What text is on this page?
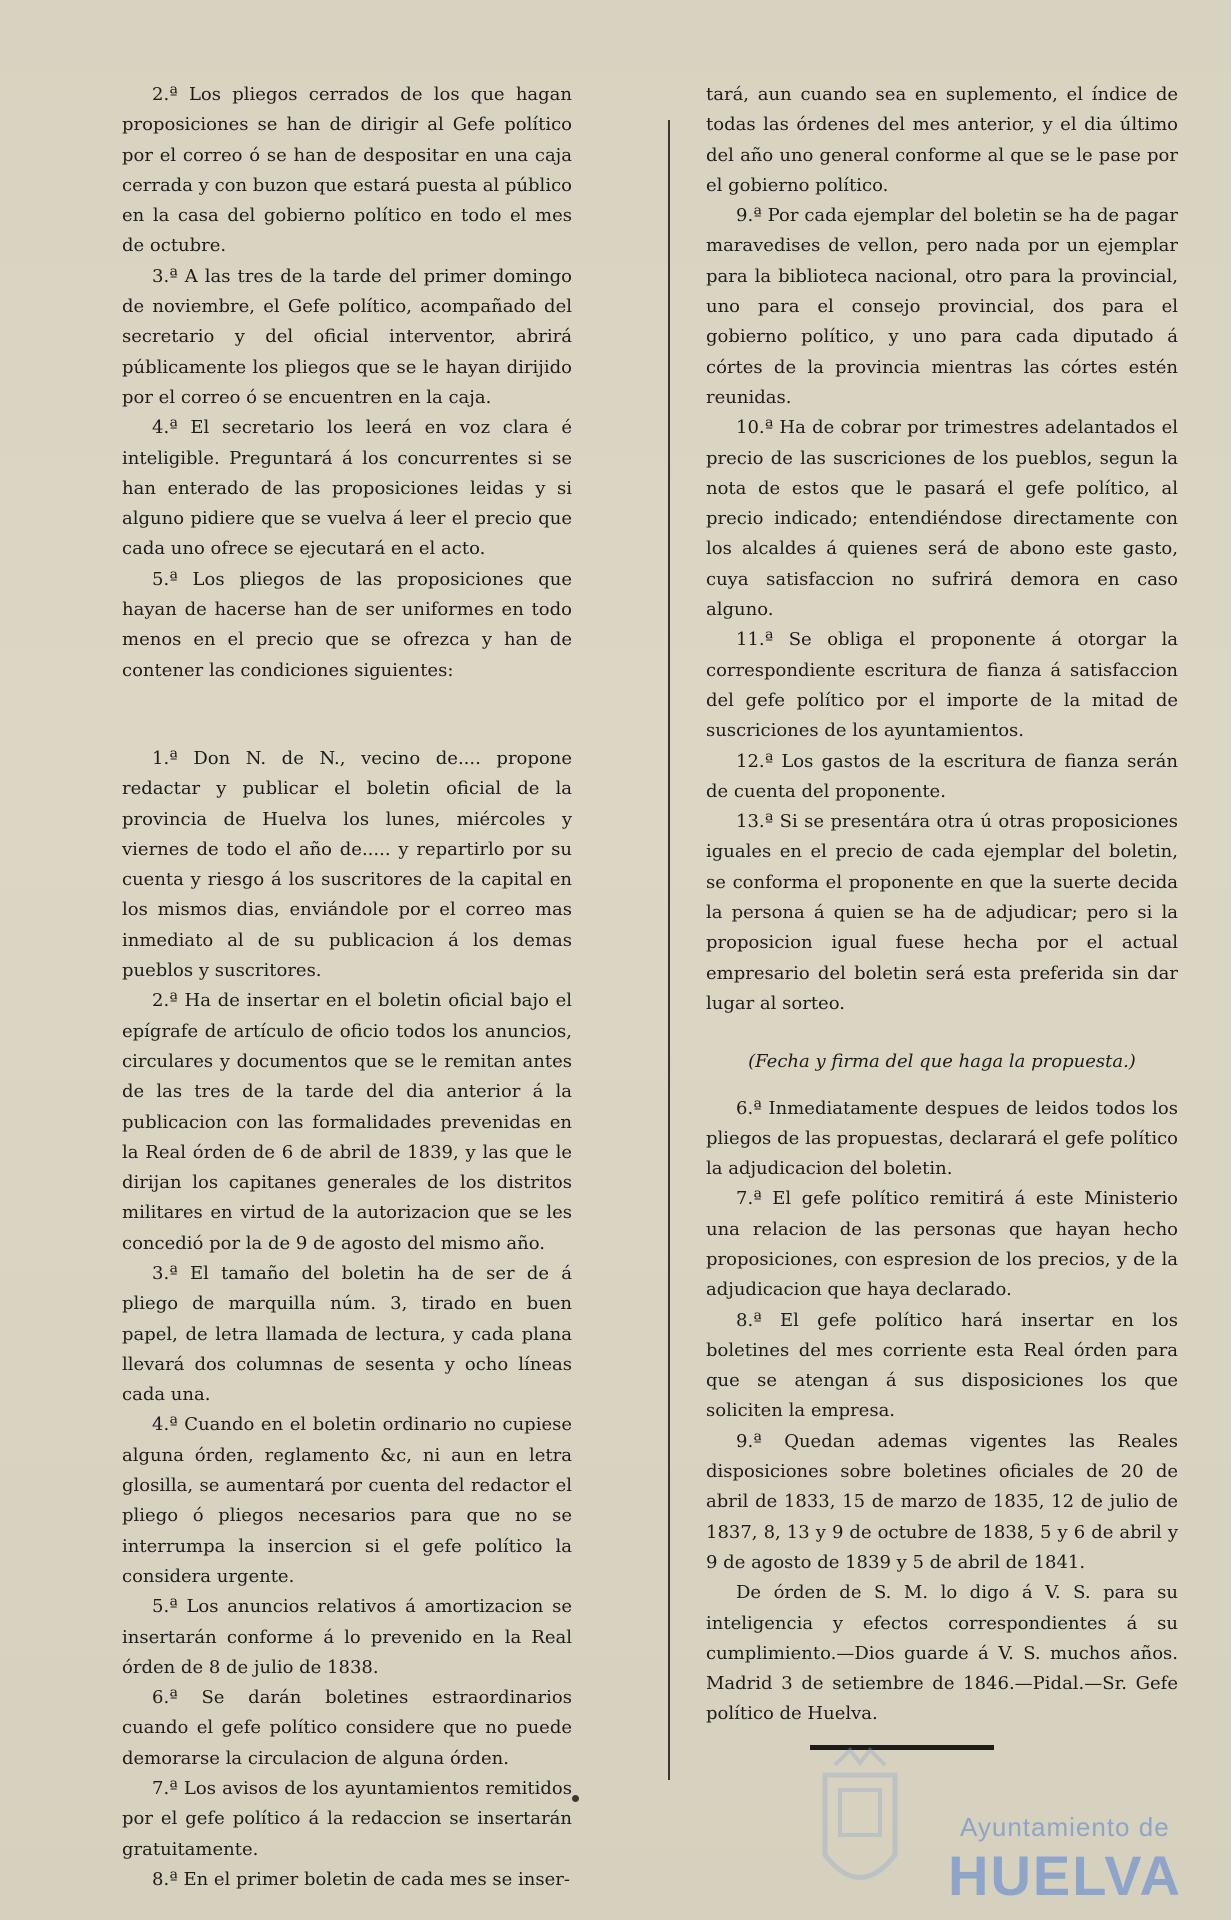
2.ª Los pliegos cerrados de los que hagan proposiciones se han de dirigir al Gefe político por el correo ó se han de despositar en una caja cerrada y con buzon que estará puesta al público en la casa del gobierno político en todo el mes de octubre.

3.ª A las tres de la tarde del primer domingo de noviembre, el Gefe político, acompañado del secretario y del oficial interventor, abrirá públicamente los pliegos que se le hayan dirijido por el correo ó se encuentren en la caja.

4.ª El secretario los leerá en voz clara é inteligible. Preguntará á los concurrentes si se han enterado de las proposiciones leidas y si alguno pidiere que se vuelva á leer el precio que cada uno ofrece se ejecutará en el acto.

5.ª Los pliegos de las proposiciones que hayan de hacerse han de ser uniformes en todo menos en el precio que se ofrezca y han de contener las condiciones siguientes:

1.ª Don N. de N., vecino de.... propone redactar y publicar el boletin oficial de la provincia de Huelva los lunes, miércoles y viernes de todo el año de..... y repartirlo por su cuenta y riesgo á los suscritores de la capital en los mismos dias, enviándole por el correo mas inmediato al de su publicacion á los demas pueblos y suscritores.

2.ª Ha de insertar en el boletin oficial bajo el epígrafe de artículo de oficio todos los anuncios, circulares y documentos que se le remitan antes de las tres de la tarde del dia anterior á la publicacion con las formalidades prevenidas en la Real órden de 6 de abril de 1839, y las que le dirijan los capitanes generales de los distritos militares en virtud de la autorizacion que se les concedió por la de 9 de agosto del mismo año.

3.ª El tamaño del boletin ha de ser de á pliego de marquilla núm. 3, tirado en buen papel, de letra llamada de lectura, y cada plana llevará dos columnas de sesenta y ocho líneas cada una.

4.ª Cuando en el boletin ordinario no cupiese alguna órden, reglamento &c, ni aun en letra glosilla, se aumentará por cuenta del redactor el pliego ó pliegos necesarios para que no se interrumpa la insercion si el gefe político la considera urgente.

5.ª Los anuncios relativos á amortizacion se insertarán conforme á lo prevenido en la Real órden de 8 de julio de 1838.

6.ª Se darán boletines estraordinarios cuando el gefe político considere que no puede demorarse la circulacion de alguna órden.

7.ª Los avisos de los ayuntamientos remitidos por el gefe político á la redaccion se insertarán gratuitamente.

8.ª En el primer boletin de cada mes se inser-

tará, aun cuando sea en suplemento, el índice de todas las órdenes del mes anterior, y el dia último del año uno general conforme al que se le pase por el gobierno político.

9.ª Por cada ejemplar del boletin se ha de pagar maravedises de vellon, pero nada por un ejemplar para la biblioteca nacional, otro para la provincial, uno para el consejo provincial, dos para el gobierno político, y uno para cada diputado á córtes de la provincia mientras las córtes estén reunidas.

10.ª Ha de cobrar por trimestres adelantados el precio de las suscriciones de los pueblos, segun la nota de estos que le pasará el gefe político, al precio indicado; entendiéndose directamente con los alcaldes á quienes será de abono este gasto, cuya satisfaccion no sufrirá demora en caso alguno.

11.ª Se obliga el proponente á otorgar la correspondiente escritura de fianza á satisfaccion del gefe político por el importe de la mitad de suscriciones de los ayuntamientos.

12.ª Los gastos de la escritura de fianza serán de cuenta del proponente.

13.ª Si se presentára otra ú otras proposiciones iguales en el precio de cada ejemplar del boletin, se conforma el proponente en que la suerte decida la persona á quien se ha de adjudicar; pero si la proposicion igual fuese hecha por el actual empresario del boletin será esta preferida sin dar lugar al sorteo.

(Fecha y firma del que haga la propuesta.)

6.ª Inmediatamente despues de leidos todos los pliegos de las propuestas, declarará el gefe político la adjudicacion del boletin.

7.ª El gefe político remitirá á este Ministerio una relacion de las personas que hayan hecho proposiciones, con espresion de los precios, y de la adjudicacion que haya declarado.

8.ª El gefe político hará insertar en los boletines del mes corriente esta Real órden para que se atengan á sus disposiciones los que soliciten la empresa.

9.ª Quedan ademas vigentes las Reales disposiciones sobre boletines oficiales de 20 de abril de 1833, 15 de marzo de 1835, 12 de julio de 1837, 8, 13 y 9 de octubre de 1838, 5 y 6 de abril y 9 de agosto de 1839 y 5 de abril de 1841.

De órden de S. M. lo digo á V. S. para su inteligencia y efectos correspondientes á su cumplimiento.—Dios guarde á V. S. muchos años. Madrid 3 de setiembre de 1846.—Pidal.—Sr. Gefe político de Huelva.

Ayuntamiento de
HUELVA
